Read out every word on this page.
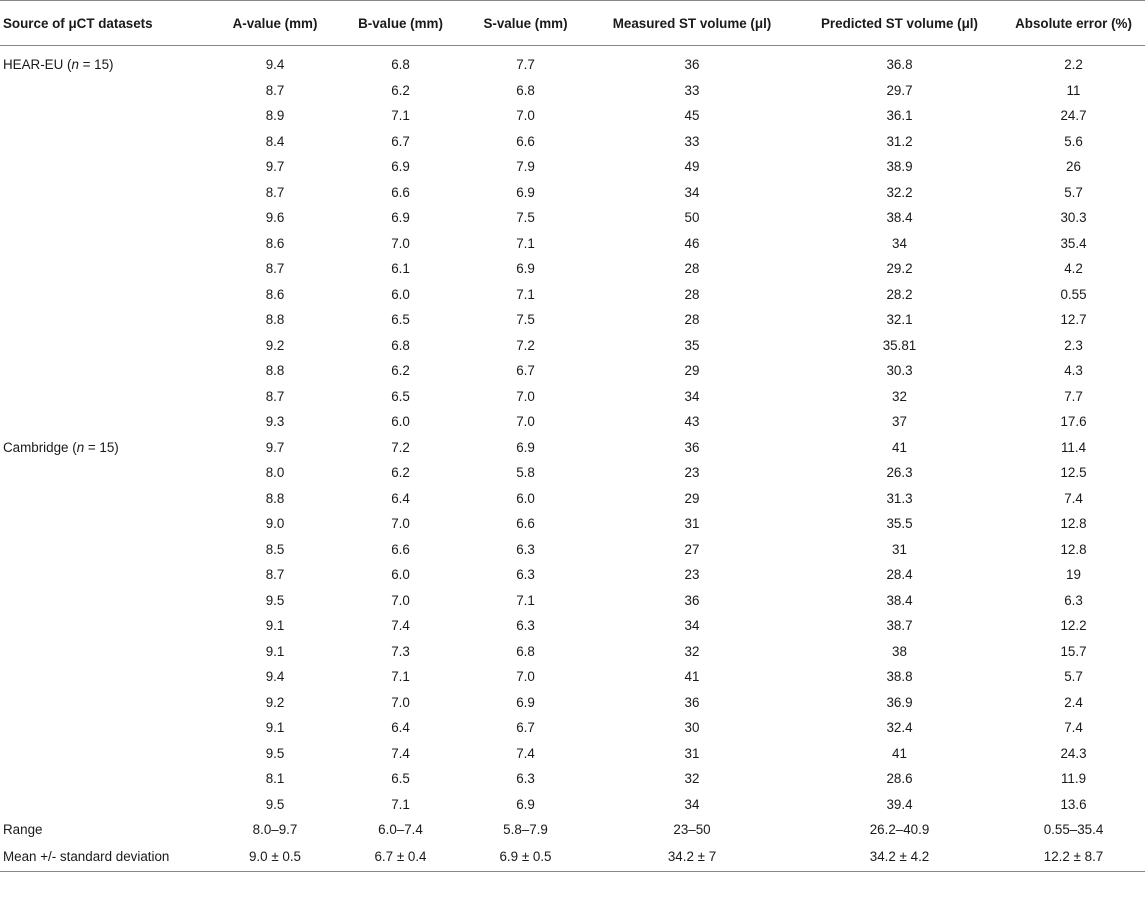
Source of μCT datasets	A-value (mm)	B-value (mm)	S-value (mm)	Measured ST volume (μl)	Predicted ST volume (μl)	Absolute error (%)
HEAR-EU (n = 15)	9.4	6.8	7.7	36	36.8	2.2
	8.7	6.2	6.8	33	29.7	11
	8.9	7.1	7.0	45	36.1	24.7
	8.4	6.7	6.6	33	31.2	5.6
	9.7	6.9	7.9	49	38.9	26
	8.7	6.6	6.9	34	32.2	5.7
	9.6	6.9	7.5	50	38.4	30.3
	8.6	7.0	7.1	46	34	35.4
	8.7	6.1	6.9	28	29.2	4.2
	8.6	6.0	7.1	28	28.2	0.55
	8.8	6.5	7.5	28	32.1	12.7
	9.2	6.8	7.2	35	35.81	2.3
	8.8	6.2	6.7	29	30.3	4.3
	8.7	6.5	7.0	34	32	7.7
	9.3	6.0	7.0	43	37	17.6
Cambridge (n = 15)	9.7	7.2	6.9	36	41	11.4
	8.0	6.2	5.8	23	26.3	12.5
	8.8	6.4	6.0	29	31.3	7.4
	9.0	7.0	6.6	31	35.5	12.8
	8.5	6.6	6.3	27	31	12.8
	8.7	6.0	6.3	23	28.4	19
	9.5	7.0	7.1	36	38.4	6.3
	9.1	7.4	6.3	34	38.7	12.2
	9.1	7.3	6.8	32	38	15.7
	9.4	7.1	7.0	41	38.8	5.7
	9.2	7.0	6.9	36	36.9	2.4
	9.1	6.4	6.7	30	32.4	7.4
	9.5	7.4	7.4	31	41	24.3
	8.1	6.5	6.3	32	28.6	11.9
	9.5	7.1	6.9	34	39.4	13.6
Range	8.0–9.7	6.0–7.4	5.8–7.9	23–50	26.2–40.9	0.55–35.4
Mean +/- standard deviation	9.0 ± 0.5	6.7 ± 0.4	6.9 ± 0.5	34.2 ± 7	34.2 ± 4.2	12.2 ± 8.7
